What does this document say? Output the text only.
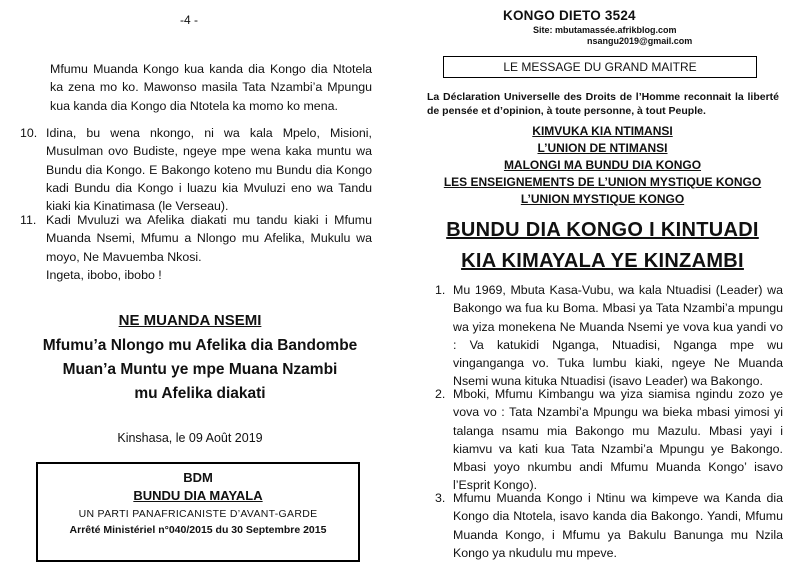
-4 -
Mfumu Muanda Kongo kua kanda dia Kongo dia Ntotela ka zena mo ko. Mawonso masila Tata Nzambi’a Mpungu kua kanda dia Kongo dia Ntotela ka momo ko mena.
10. Idina, bu wena nkongo, ni wa kala Mpelo, Misioni, Musulman ovo Budiste, ngeye mpe wena kaka muntu wa Bundu dia Kongo. E Bakongo koteno mu Bundu dia Kongo kadi Bundu dia Kongo i luazu kia Mvuluzi eno wa Tandu kiaki kia Kinatimasa (le Verseau).
11. Kadi Mvuluzi wa Afelika diakati mu tandu kiaki i Mfumu Muanda Nsemi, Mfumu a Nlongo mu Afelika, Mukulu wa moyo, Ne Mavuemba Nkosi.
Ingeta, ibobo, ibobo !
NE MUANDA NSEMI
Mfumu’a Nlongo mu Afelika dia Bandombe
Muan’a Muntu ye mpe Muana Nzambi
mu Afelika diakati
Kinshasa, le 09 Août 2019
BDM
BUNDU DIA MAYALA
UN PARTI PANAFRICANISTE D’AVANT-GARDE
Arrêté Ministériel n°040/2015 du 30 Septembre 2015
KONGO DIETO 3524
Site: mbutamassée.afrikblog.com
nsangu2019@gmail.com
LE MESSAGE DU GRAND MAITRE
La Déclaration Universelle des Droits de l’Homme reconnait la liberté de pensée et d’opinion, à toute personne, à tout Peuple.
KIMVUKA KIA NTIMANSI
L’UNION DE NTIMANSI
MALONGI MA BUNDU DIA KONGO
LES ENSEIGNEMENTS DE L’UNION MYSTIQUE KONGO
L’UNION MYSTIQUE KONGO
BUNDU DIA KONGO I KINTUADI
KIA KIMAYALA YE KINZAMBI
1. Mu 1969, Mbuta Kasa-Vubu, wa kala Ntuadisi (Leader) wa Bakongo wa fua ku Boma. Mbasi ya Tata Nzambi’a mpungu wa yiza monekena Ne Muanda Nsemi ye vova kua yandi vo : Va katukidi Nganga, Ntuadisi, Nganga mpe wu vinganganga vo. Tuka lumbu kiaki, ngeye Ne Muanda Nsemi wuna kituka Ntuadisi (isavo Leader) wa Bakongo.
2. Mboki, Mfumu Kimbangu wa yiza siamisa ngindu zozo ye vova vo : Tata Nzambi’a Mpungu wa bieka mbasi yimosi yi talanga nsamu mia Bakongo mu Mazulu. Mbasi yayi i kiamvu va kati kua Tata Nzambi’a Mpungu ye Bakongo. Mbasi yoyo nkumbu andi Mfumu Muanda Kongo’ isavo l’Esprit Kongo).
3. Mfumu Muanda Kongo i Ntinu wa kimpeve wa Kanda dia Kongo dia Ntotela, isavo kanda dia Bakongo. Yandi, Mfumu Muanda Kongo, i Mfumu ya Bakulu Banunga mu Nzila Kongo ya nkudulu mu mpeve.
